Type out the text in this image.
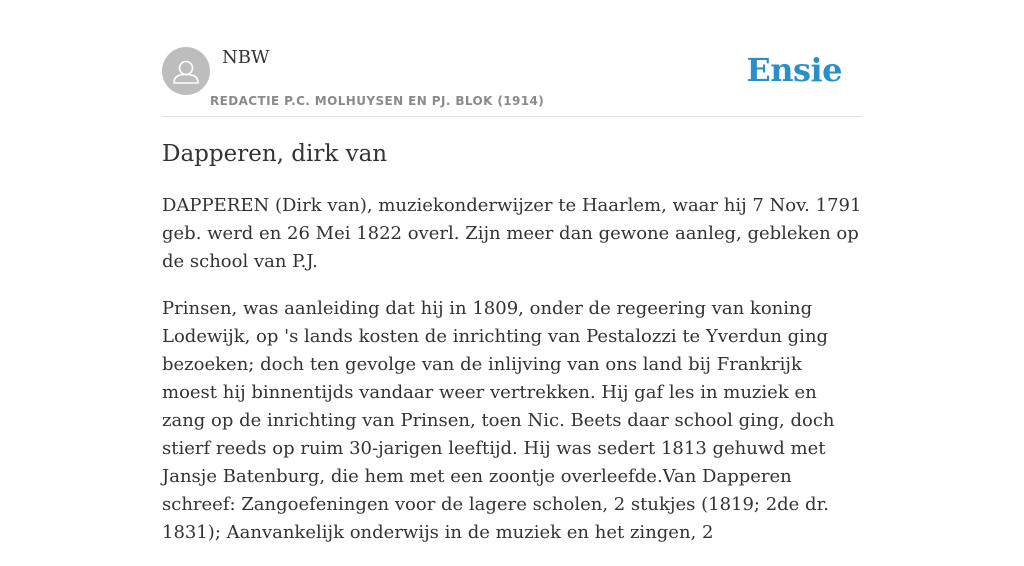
NBW
REDACTIE P.C. MOLHUYSEN EN PJ. BLOK (1914)
Ensie
Dapperen, dirk van

DAPPEREN (Dirk van), muziekonderwijzer te Haarlem, waar hij 7 Nov. 1791 geb. werd en 26 Mei 1822 overl. Zijn meer dan gewone aanleg, gebleken op de school van P.J.

Prinsen, was aanleiding dat hij in 1809, onder de regeering van koning Lodewijk, op 's lands kosten de inrichting van Pestalozzi te Yverdun ging bezoeken; doch ten gevolge van de inlijving van ons land bij Frankrijk moest hij binnentijds vandaar weer vertrekken. Hij gaf les in muziek en zang op de inrichting van Prinsen, toen Nic. Beets daar school ging, doch stierf reeds op ruim 30-jarigen leeftijd. Hij was sedert 1813 gehuwd met Jansje Batenburg, die hem met een zoontje overleefde.Van Dapperen schreef: Zangoefeningen voor de lagere scholen, 2 stukjes (1819; 2de dr. 1831); Aanvankelijk onderwijs in de muziek en het zingen, 2
